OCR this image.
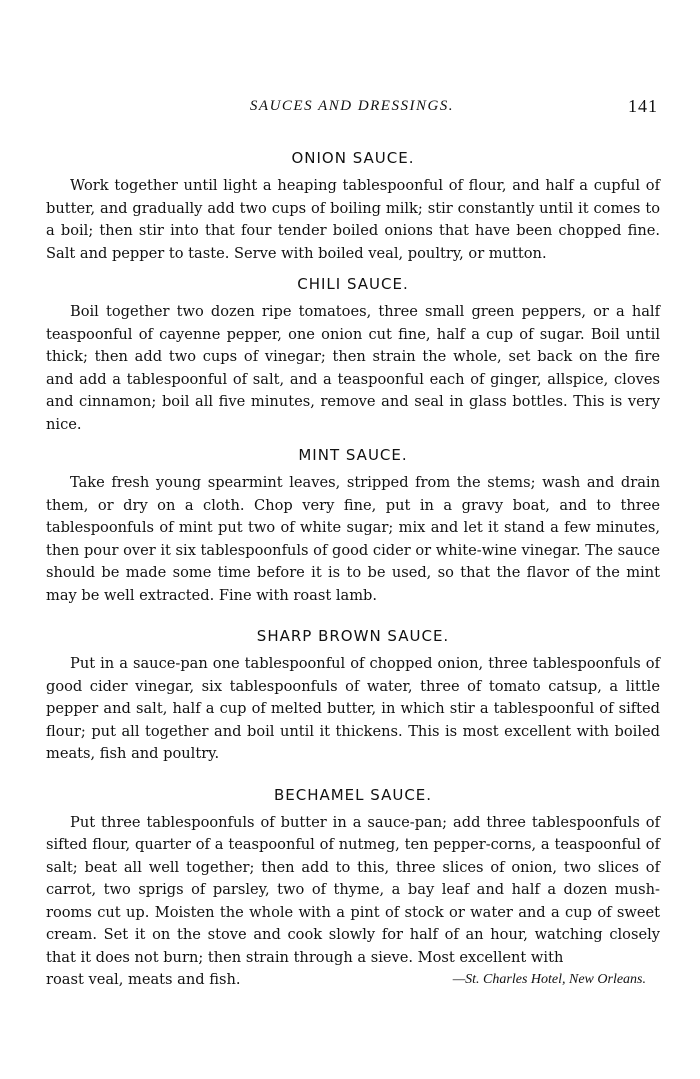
SAUCES AND DRESSINGS.	141
ONION SAUCE.

Work together until light a heaping tablespoonful of flour, and half a cupful of butter, and gradually add two cups of boiling milk; stir constantly until it comes to a boil; then stir into that four tender boiled onions that have been chopped fine. Salt and pepper to taste. Serve with boiled veal, poultry, or mutton.

CHILI SAUCE.

Boil together two dozen ripe tomatoes, three small green peppers, or a half teaspoonful of cayenne pepper, one onion cut fine, half a cup of sugar. Boil until thick; then add two cups of vinegar; then strain the whole, set back on the fire and add a tablespoonful of salt, and a teaspoonful each of ginger, allspice, cloves and cinnamon; boil all five minutes, remove and seal in glass bottles. This is very nice.

MINT SAUCE.

Take fresh young spearmint leaves, stripped from the stems; wash and drain them, or dry on a cloth. Chop very fine, put in a gravy boat, and to three tablespoonfuls of mint put two of white sugar; mix and let it stand a few minutes, then pour over it six tablespoonfuls of good cider or white-wine vinegar. The sauce should be made some time before it is to be used, so that the flavor of the mint may be well extracted. Fine with roast lamb.

SHARP BROWN SAUCE.

Put in a sauce-pan one tablespoonful of chopped onion, three tablespoonfuls of good cider vinegar, six tablespoonfuls of water, three of tomato catsup, a little pepper and salt, half a cup of melted butter, in which stir a tablespoonful of sifted flour; put all together and boil until it thickens. This is most excellent with boiled meats, fish and poultry.

BECHAMEL SAUCE.

Put three tablespoonfuls of butter in a sauce-pan; add three tablespoonfuls of sifted flour, quarter of a teaspoonful of nutmeg, ten pepper-corns, a teaspoonful of salt; beat all well together; then add to this, three slices of onion, two slices of carrot, two sprigs of parsley, two of thyme, a bay leaf and half a dozen mush-rooms cut up. Moisten the whole with a pint of stock or water and a cup of sweet cream. Set it on the stove and cook slowly for half of an hour, watching closely that it does not burn; then strain through a sieve. Most excellent with

roast veal, meats and fish.	—St. Charles Hotel, New Orleans.
